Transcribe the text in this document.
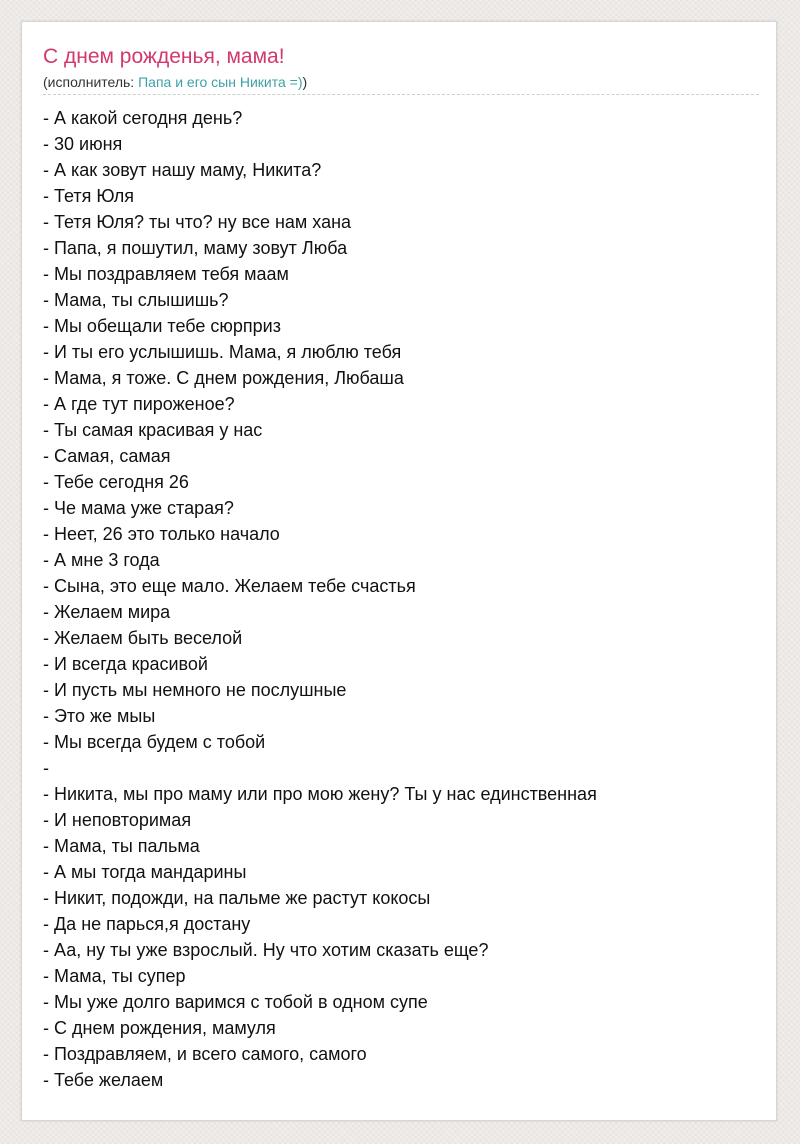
С днем рожденья, мама!
(исполнитель: Папа и его сын Никита =))
- А какой сегодня день?
- 30 июня
- А как зовут нашу маму, Никита?
- Тетя Юля
- Тетя Юля? ты что? ну все нам хана
- Папа, я пошутил, маму зовут Люба
- Мы поздравляем тебя маам
- Мама, ты слышишь?
- Мы обещали тебе сюрприз
- И ты его услышишь. Мама, я люблю тебя
- Мама, я тоже. С днем рождения, Любаша
- А где тут пироженое?
- Ты самая красивая у нас
- Самая, самая
- Тебе сегодня 26
- Че мама уже старая?
- Неет, 26 это только начало
- А мне 3 года
- Сына, это еще мало. Желаем тебе счастья
- Желаем мира
- Желаем быть веселой
- И всегда красивой
- И пусть мы немного не послушные
- Это же мыы
- Мы всегда будем с тобой
-
- Никита, мы про маму или про мою жену? Ты у нас единственная
- И неповторимая
- Мама, ты пальма
- А мы тогда мандарины
- Никит, подожди, на пальме же растут кокосы
- Да не парься,я достану
- Аа, ну ты уже взрослый. Ну что хотим сказать еще?
- Мама, ты супер
- Мы уже долго варимся с тобой в одном супе
- С днем рождения, мамуля
- Поздравляем, и всего самого, самого
- Тебе желаем
